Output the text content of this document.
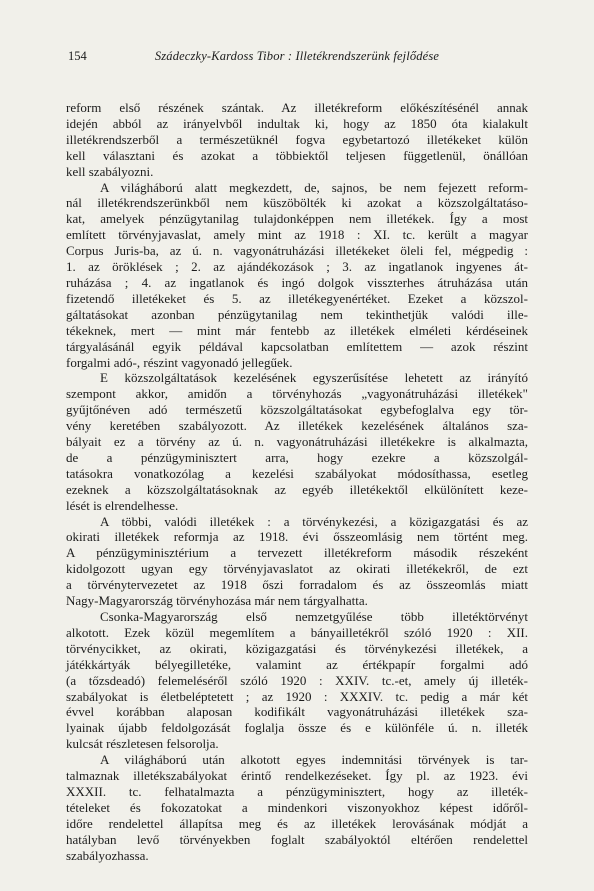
154	Szádeczky-Kardoss Tibor : Illetékrendszerünk fejlődése
reform első részének szántak. Az illetékreform előkészítésénél annak
idején abból az irányelvből indultak ki, hogy az 1850 óta kialakult
illetékrendszerből a természetüknél fogva egybetartozó illetékeket külön
kell választani és azokat a többiektől teljesen függetlenül, önállóan
kell szabályozni.
A világháború alatt megkezdett, de, sajnos, be nem fejezett reform-
nál illetékrendszerünkből nem küszöbölték ki azokat a közszolgáltatáso-
kat, amelyek pénzügytanilag tulajdonképpen nem illetékek. Így a most
említett törvényjavaslat, amely mint az 1918 : XI. tc. került a magyar
Corpus Juris-ba, az ú. n. vagyonátruházási illetékeket öleli fel, mégpedig :
1. az öröklések ; 2. az ajándékozások ; 3. az ingatlanok ingyenes át-
ruházása ; 4. az ingatlanok és ingó dolgok visszterhes átruházása után
fizetendő illetékeket és 5. az illetékegyenértéket. Ezeket a közszol-
gáltatásokat azonban pénzügytanilag nem tekinthetjük valódi ille-
tékeknek, mert — mint már fentebb az illetékek elméleti kérdéseinek
tárgyalásánál egyik példával kapcsolatban említettem — azok részint
forgalmi adó-, részint vagyonadó jellegűek.
E közszolgáltatások kezelésének egyszerűsítése lehetett az irányító
szempont akkor, amidőn a törvényhozás „vagyonátruházási illetékek"
gyűjtőnéven adó természetű közszolgáltatásokat egybefoglalva egy tör-
vény keretében szabályozott. Az illetékek kezelésének általános sza-
bályait ez a törvény az ú. n. vagyonátruházási illetékekre is alkalmazta,
de a pénzügyminisztert arra, hogy ezekre a közszolgál-
tatásokra vonatkozólag a kezelési szabályokat módosíthassa, esetleg
ezeknek a közszolgáltatásoknak az egyéb illetékektől elkülönített keze-
lését is elrendelhesse.
A többi, valódi illetékek : a törvénykezési, a közigazgatási és az
okirati illetékek reformja az 1918. évi ősszeomlásig nem történt meg.
A pénzügyminisztérium a tervezett illetékreform második részeként
kidolgozott ugyan egy törvényjavaslatot az okirati illetékekről, de ezt
a törvénytervezetet az 1918 őszi forradalom és az összeomlás miatt
Nagy-Magyarország törvényhozása már nem tárgyalhatta.
Csonka-Magyarország első nemzetgyűlése több illetéktörvényt
alkotott. Ezek közül megemlítem a bányailletékről szóló 1920 : XII.
törvénycikket, az okirati, közigazgatási és törvénykezési illetékek, a
játékkártyák bélyegilletéke, valamint az értékpapír forgalmi adó
(a tőzsdeadó) felemeléséről szóló 1920 : XXIV. tc.-et, amely új illeték-
szabályokat is életbeléptetett ; az 1920 : XXXIV. tc. pedig a már két
évvel korábban alaposan kodifikált vagyonátruházási illetékek sza-
lyainak újabb feldolgozását foglalja össze és e különféle ú. n. illeték
kulcsát részletesen felsorolja.
A világháború után alkotott egyes indemnitási törvények is tar-
talmaznak illetékszabályokat érintő rendelkezéseket. Így pl. az 1923. évi
XXXII. tc. felhatalmazta a pénzügyminisztert, hogy az illeték-
tételeket és fokozatokat a mindenkori viszonyokhoz képest időről-
időre rendelettel állapítsa meg és az illetékek lerovásának módját a
hatályban levő törvényekben foglalt szabályoktól eltérően rendelettel
szabályozhassa.
